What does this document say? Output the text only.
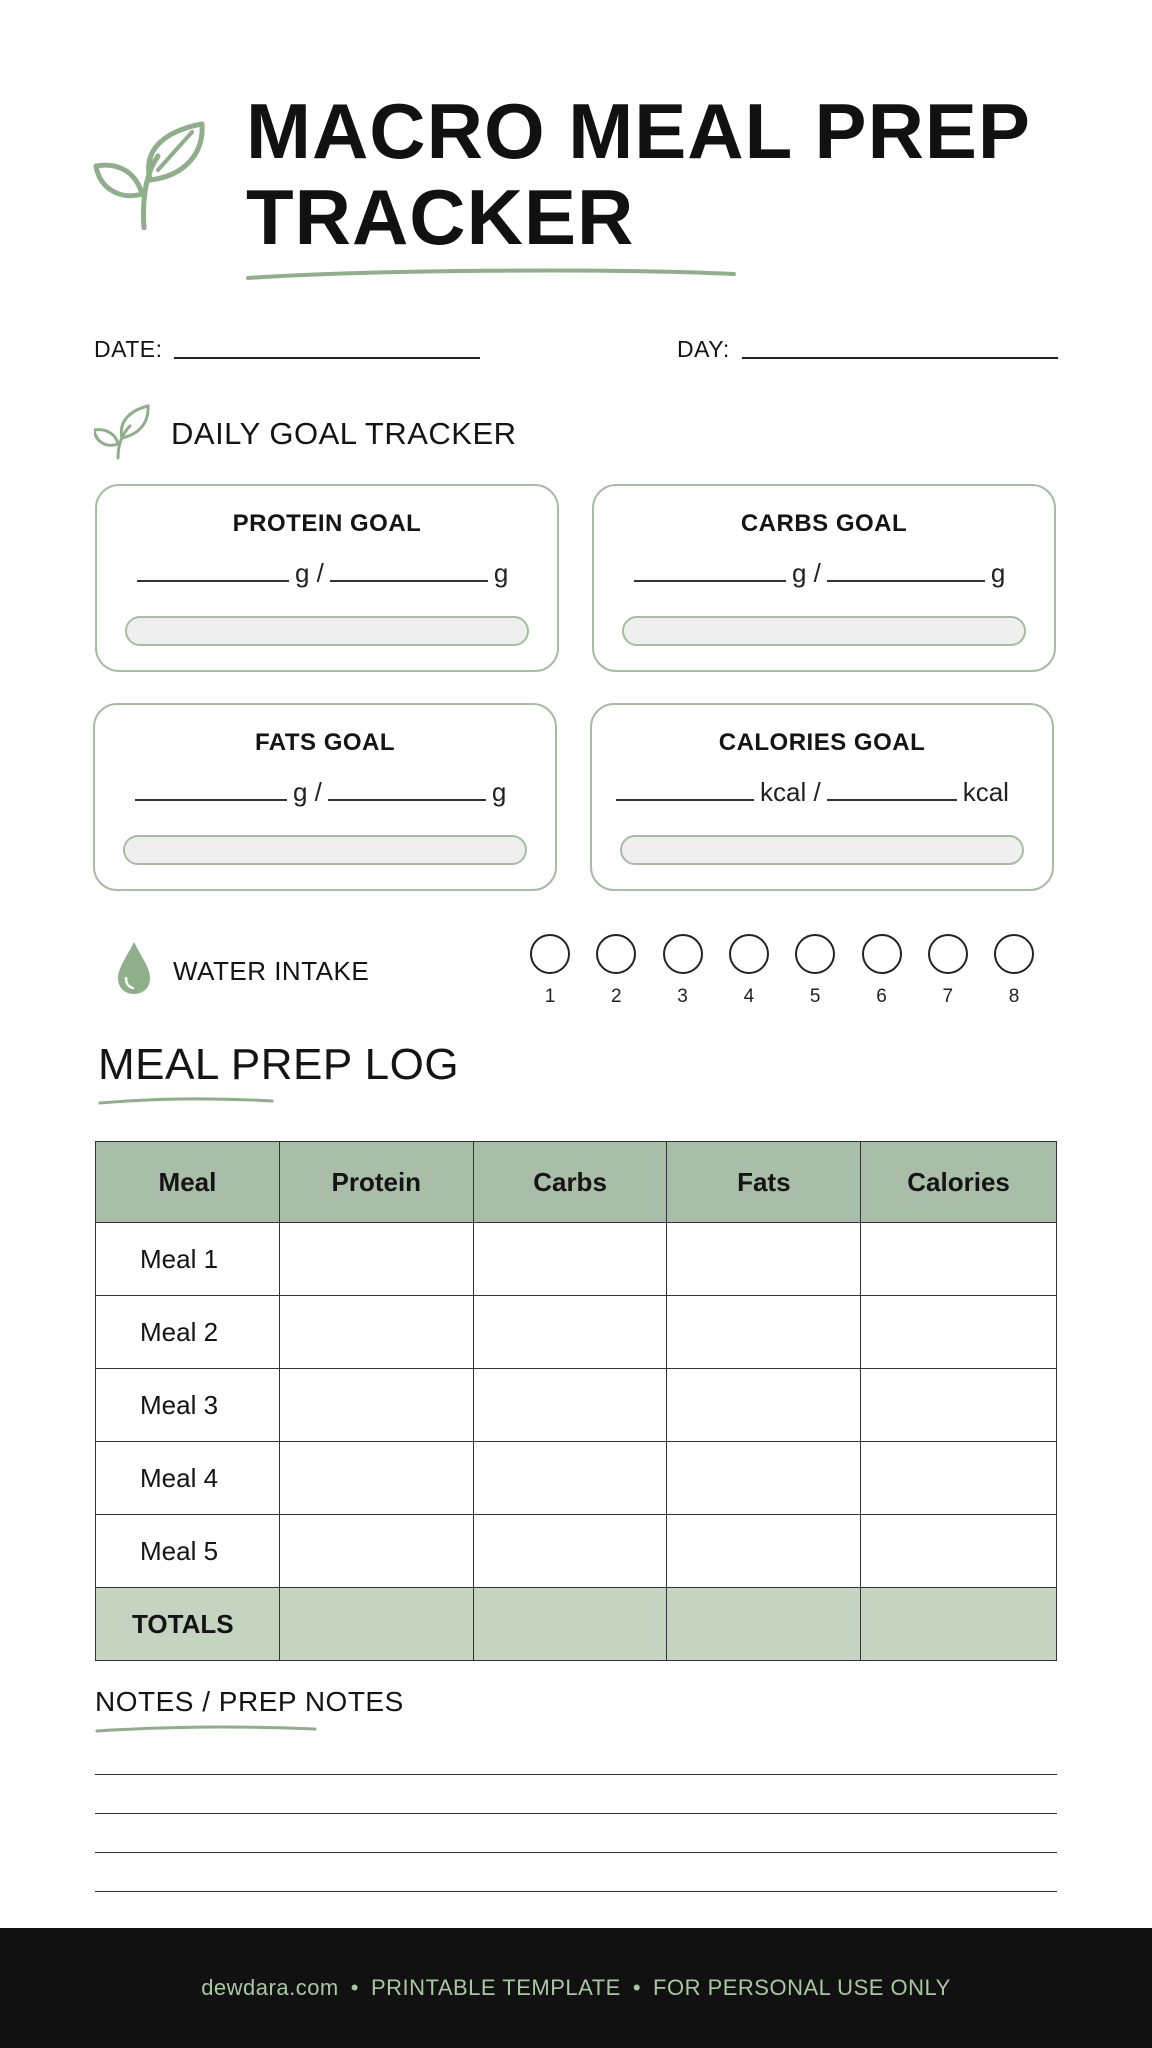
MACRO MEAL PREP
TRACKER
DATE:	DAY:
DAILY GOAL TRACKER
PROTEIN GOAL
g /	g
CARBS GOAL
g /	g
FATS GOAL
g /	g
CALORIES GOAL
kcal /	kcal
WATER INTAKE
1	2	3	4	5	6	7	8
MEAL PREP LOG
Meal	Protein	Carbs	Fats	Calories
Meal 1				
Meal 2				
Meal 3				
Meal 4				
Meal 5				
TOTALS				
NOTES / PREP NOTES
dewdara.com • PRINTABLE TEMPLATE • FOR PERSONAL USE ONLY
